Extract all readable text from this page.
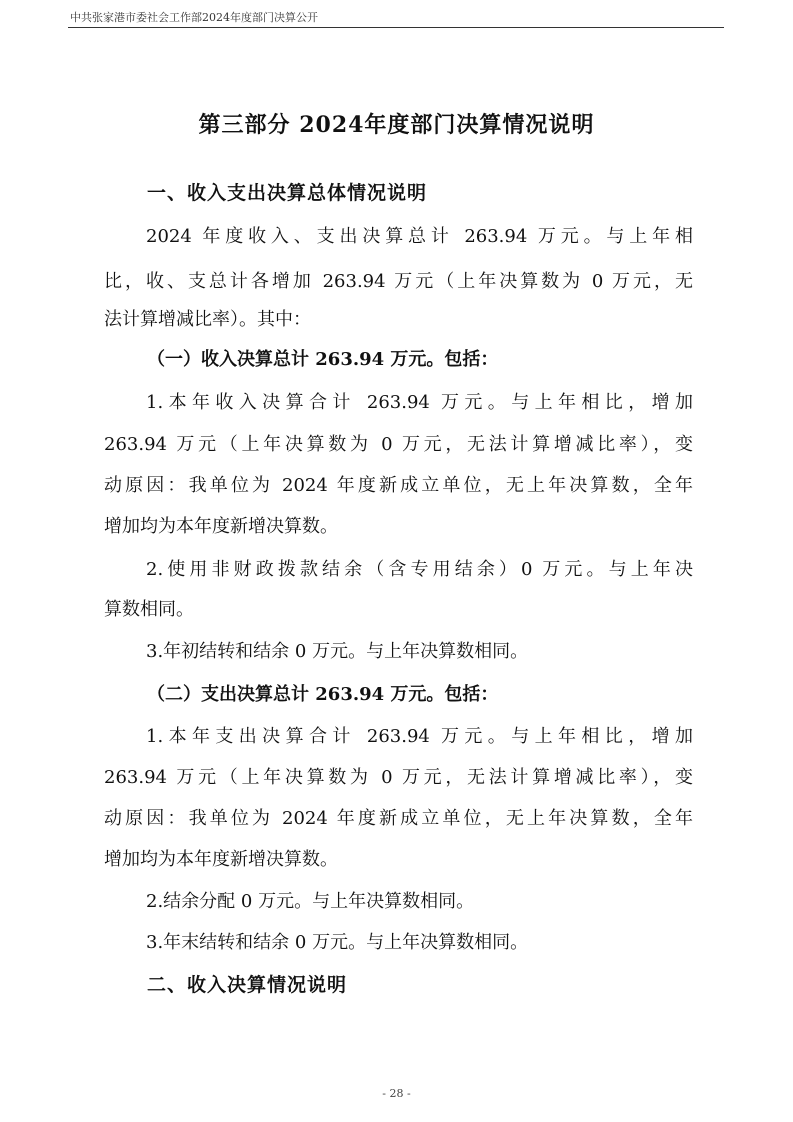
中共张家港市委社会工作部2024年度部门决算公开
第三部分 2024年度部门决算情况说明
一、收入支出决算总体情况说明
2024 年度收入、支出决算总计 263.94 万元。与上年相
比，收、支总计各增加 263.94 万元（上年决算数为 0 万元，无
法计算增减比率）。其中：
（一）收入决算总计 263.94 万元。包括：
1.本年收入决算合计 263.94 万元。与上年相比，增加
263.94 万元（上年决算数为 0 万元，无法计算增减比率），变
动原因：我单位为 2024 年度新成立单位，无上年决算数，全年
增加均为本年度新增决算数。
2.使用非财政拨款结余（含专用结余）0 万元。与上年决
算数相同。
3.年初结转和结余 0 万元。与上年决算数相同。
（二）支出决算总计 263.94 万元。包括：
1.本年支出决算合计 263.94 万元。与上年相比，增加
263.94 万元（上年决算数为 0 万元，无法计算增减比率），变
动原因：我单位为 2024 年度新成立单位，无上年决算数，全年
增加均为本年度新增决算数。
2.结余分配 0 万元。与上年决算数相同。
3.年末结转和结余 0 万元。与上年决算数相同。
二、收入决算情况说明
- 28 -
